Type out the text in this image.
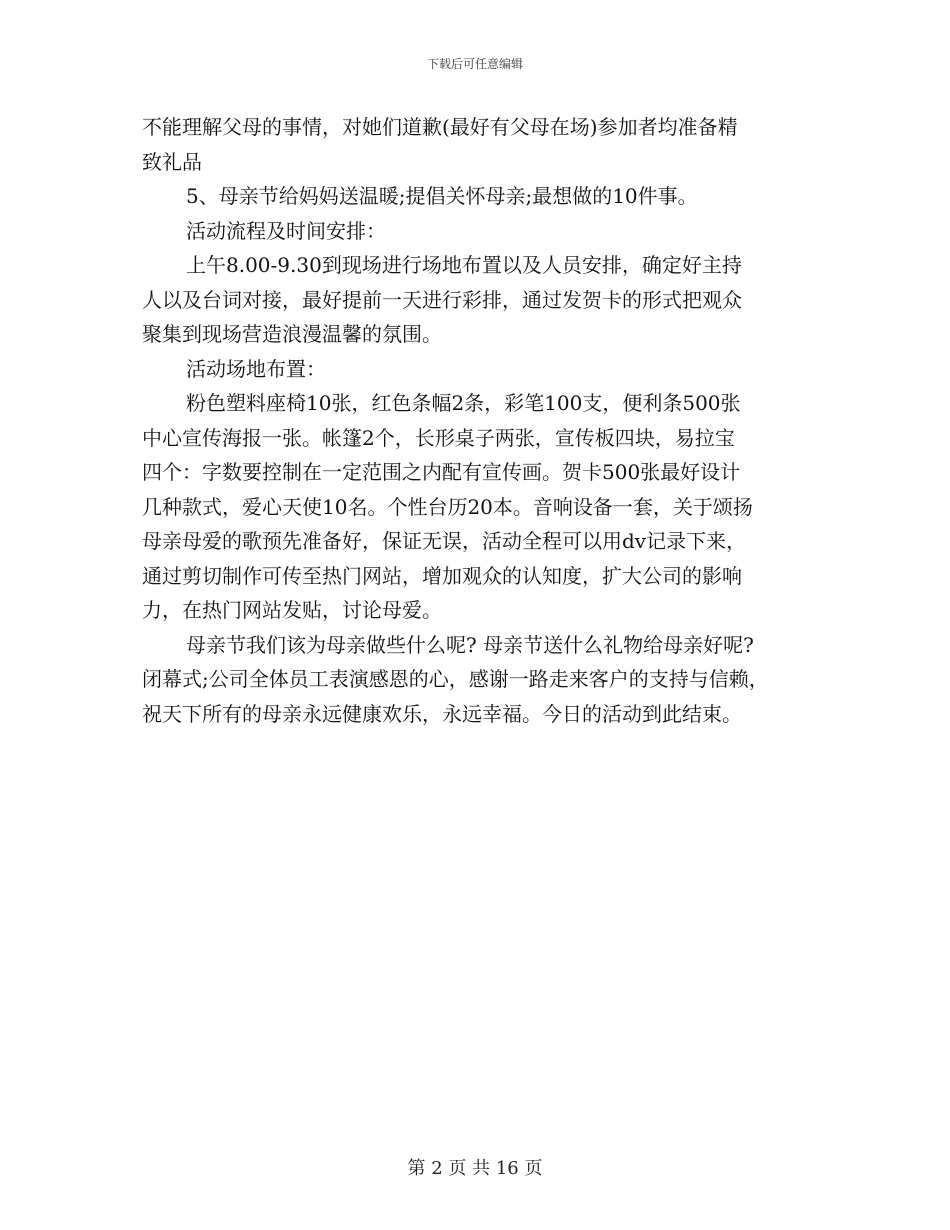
下载后可任意编辑
不能理解父母的事情，对她们道歉(最好有父母在场)参加者均准备精
致礼品
5、母亲节给妈妈送温暖;提倡关怀母亲;最想做的10件事。
活动流程及时间安排：
上午8.00-9.30到现场进行场地布置以及人员安排，确定好主持
人以及台词对接，最好提前一天进行彩排，通过发贺卡的形式把观众
聚集到现场营造浪漫温馨的氛围。
活动场地布置：
粉色塑料座椅10张，红色条幅2条，彩笔100支，便利条500张
中心宣传海报一张。帐篷2个，长形桌子两张，宣传板四块，易拉宝
四个：字数要控制在一定范围之内配有宣传画。贺卡500张最好设计
几种款式，爱心天使10名。个性台历20本。音响设备一套，关于颂扬
母亲母爱的歌预先准备好，保证无误，活动全程可以用dv记录下来，
通过剪切制作可传至热门网站，增加观众的认知度，扩大公司的影响
力，在热门网站发贴，讨论母爱。
母亲节我们该为母亲做些什么呢? 母亲节送什么礼物给母亲好呢?
闭幕式;公司全体员工表演感恩的心，感谢一路走来客户的支持与信赖，
祝天下所有的母亲永远健康欢乐，永远幸福。今日的活动到此结束。
第 2 页 共 16 页
